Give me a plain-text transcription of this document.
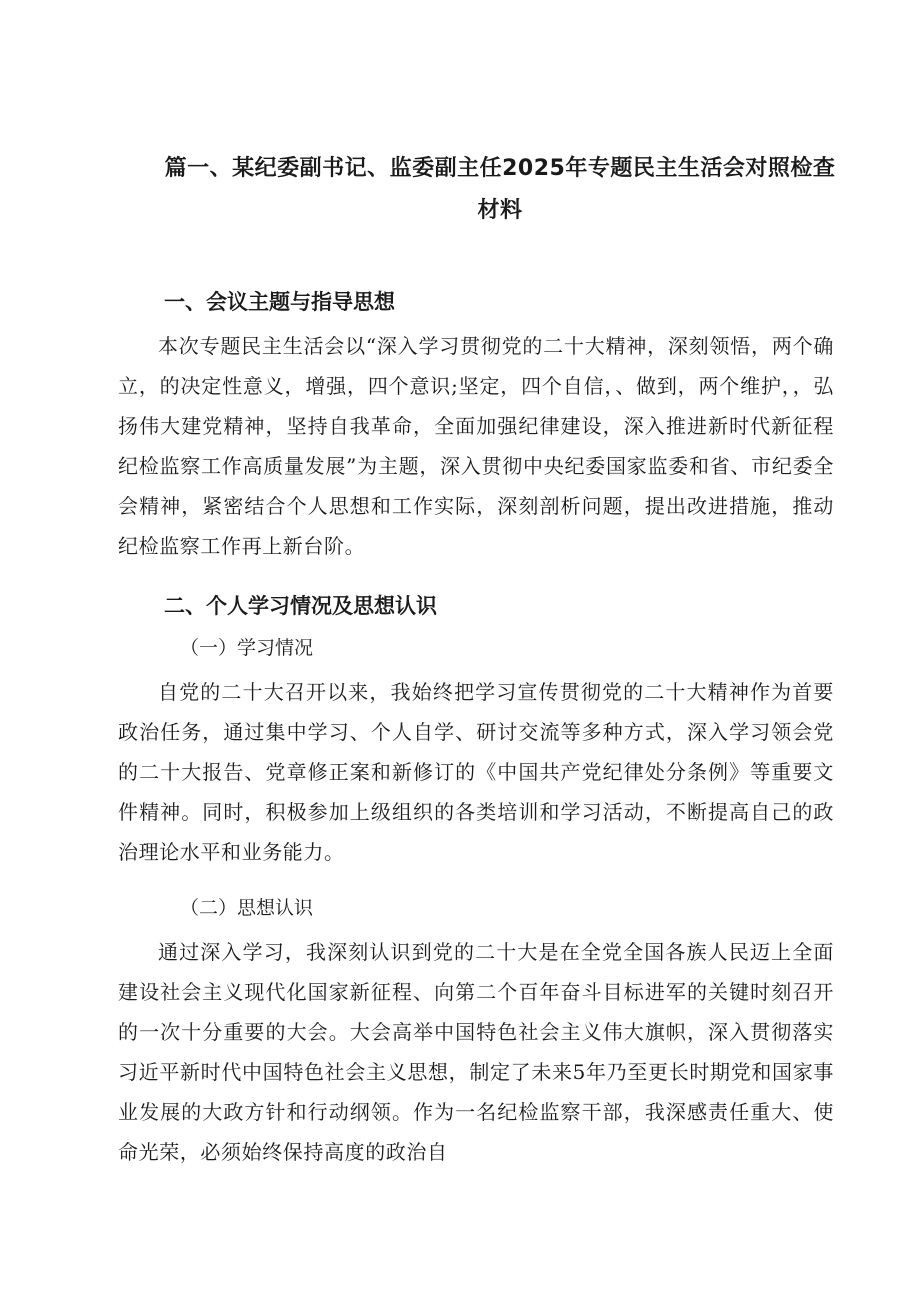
篇一、某纪委副书记、监委副主任2025年专题民主生活会对照检查
材料
一、会议主题与指导思想

本次专题民主生活会以“深入学习贯彻党的二十大精神，深刻领悟，两个确立，的决定性意义，增强，四个意识;坚定，四个自信，、做到，两个维护，，弘扬伟大建党精神，坚持自我革命，全面加强纪律建设，深入推进新时代新征程纪检监察工作高质量发展”为主题，深入贯彻中央纪委国家监委和省、市纪委全会精神，紧密结合个人思想和工作实际，深刻剖析问题，提出改进措施，推动纪检监察工作再上新台阶。

二、个人学习情况及思想认识
（一）学习情况

自党的二十大召开以来，我始终把学习宣传贯彻党的二十大精神作为首要政治任务，通过集中学习、个人自学、研讨交流等多种方式，深入学习领会党的二十大报告、党章修正案和新修订的《中国共产党纪律处分条例》等重要文件精神。同时，积极参加上级组织的各类培训和学习活动，不断提高自己的政治理论水平和业务能力。

（二）思想认识

通过深入学习，我深刻认识到党的二十大是在全党全国各族人民迈上全面建设社会主义现代化国家新征程、向第二个百年奋斗目标进军的关键时刻召开的一次十分重要的大会。大会高举中国特色社会主义伟大旗帜，深入贯彻落实习近平新时代中国特色社会主义思想，制定了未来5年乃至更长时期党和国家事业发展的大政方针和行动纲领。作为一名纪检监察干部，我深感责任重大、使命光荣，必须始终保持高度的政治自
